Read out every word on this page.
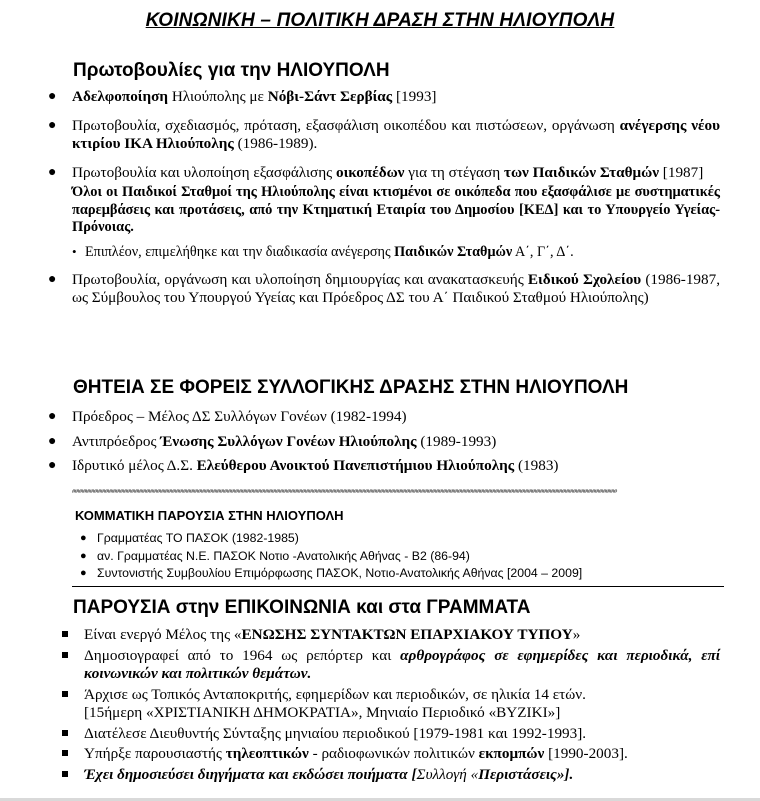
ΚΟΙΝΩΝΙΚΗ – ΠΟΛΙΤΙΚΗ ΔΡΑΣΗ ΣΤΗΝ ΗΛΙΟΥΠΟΛΗ
Πρωτοβουλίες για την ΗΛΙΟΥΠΟΛΗ
● Αδελφοποίηση Ηλιούπολης με Νόβι-Σάντ Σερβίας [1993]
● Πρωτοβουλία, σχεδιασμός, πρόταση, εξασφάλιση οικοπέδου και πιστώσεων, οργάνωση ανέγερσης νέου κτιρίου ΙΚΑ Ηλιούπολης (1986-1989).
● Πρωτοβουλία και υλοποίηση εξασφάλισης οικοπέδων για τη στέγαση των Παιδικών Σταθμών [1987]
Όλοι οι Παιδικοί Σταθμοί της Ηλιούπολης είναι κτισμένοι σε οικόπεδα που εξασφάλισε με συστηματικές παρεμβάσεις και προτάσεις, από την Κτηματική Εταιρία του Δημοσίου [ΚΕΔ] και το Υπουργείο Υγείας-Πρόνοιας.
• Επιπλέον, επιμελήθηκε και την διαδικασία ανέγερσης Παιδικών Σταθμών Α΄, Γ΄, Δ΄.
● Πρωτοβουλία, οργάνωση και υλοποίηση δημιουργίας και ανακατασκευής Ειδικού Σχολείου (1986-1987, ως Σύμβουλος του Υπουργού Υγείας και Πρόεδρος ΔΣ του Α΄ Παιδικού Σταθμού Ηλιούπολης)
ΘΗΤΕΙΑ ΣΕ ΦΟΡΕΙΣ ΣΥΛΛΟΓΙΚΗΣ ΔΡΑΣΗΣ ΣΤΗΝ ΗΛΙΟΥΠΟΛΗ
● Πρόεδρος – Μέλος ΔΣ Συλλόγων Γονέων (1982-1994)
● Αντιπρόεδρος Ένωσης Συλλόγων Γονέων Ηλιούπολης (1989-1993)
● Ιδρυτικό μέλος Δ.Σ. Ελεύθερου Ανοικτού Πανεπιστήμιου Ηλιούπολης (1983)
#######################################################################################################################################################################################################
ΚΟΜΜΑΤΙΚΗ ΠΑΡΟΥΣΙΑ ΣΤΗΝ ΗΛΙΟΥΠΟΛΗ
● Γραμματέας ΤΟ ΠΑΣΟΚ (1982-1985)
● αν. Γραμματέας Ν.Ε. ΠΑΣΟΚ Νοτιο -Ανατολικής Αθήνας - Β2 (86-94)
● Συντονιστής Συμβουλίου Επιμόρφωσης ΠΑΣΟΚ, Νοτιο-Ανατολικής Αθήνας [2004 – 2009]
ΠΑΡΟΥΣΙΑ στην ΕΠΙΚΟΙΝΩΝΙΑ και στα ΓΡΑΜΜΑΤΑ
Είναι ενεργό Μέλος της «ΕΝΩΣΗΣ ΣΥΝΤΑΚΤΩΝ ΕΠΑΡΧΙΑΚΟΥ ΤΥΠΟΥ»
Δημοσιογραφεί από το 1964 ως ρεπόρτερ και αρθρογράφος σε εφημερίδες και περιοδικά, επί κοινωνικών και πολιτικών θεμάτων.
Άρχισε ως Τοπικός Ανταποκριτής, εφημερίδων και περιοδικών, σε ηλικία 14 ετών.
[15ήμερη «ΧΡΙΣΤΙΑΝΙΚΗ ΔΗΜΟΚΡΑΤΙΑ», Μηνιαίο Περιοδικό «ΒΥΖΙΚΙ»]
Διατέλεσε Διευθυντής Σύνταξης μηνιαίου περιοδικού [1979-1981 και 1992-1993].
Υπήρξε παρουσιαστής τηλεοπτικών - ραδιοφωνικών πολιτικών εκπομπών [1990-2003].
Έχει δημοσιεύσει διηγήματα και εκδώσει ποιήματα [Συλλογή «Περιστάσεις»].
